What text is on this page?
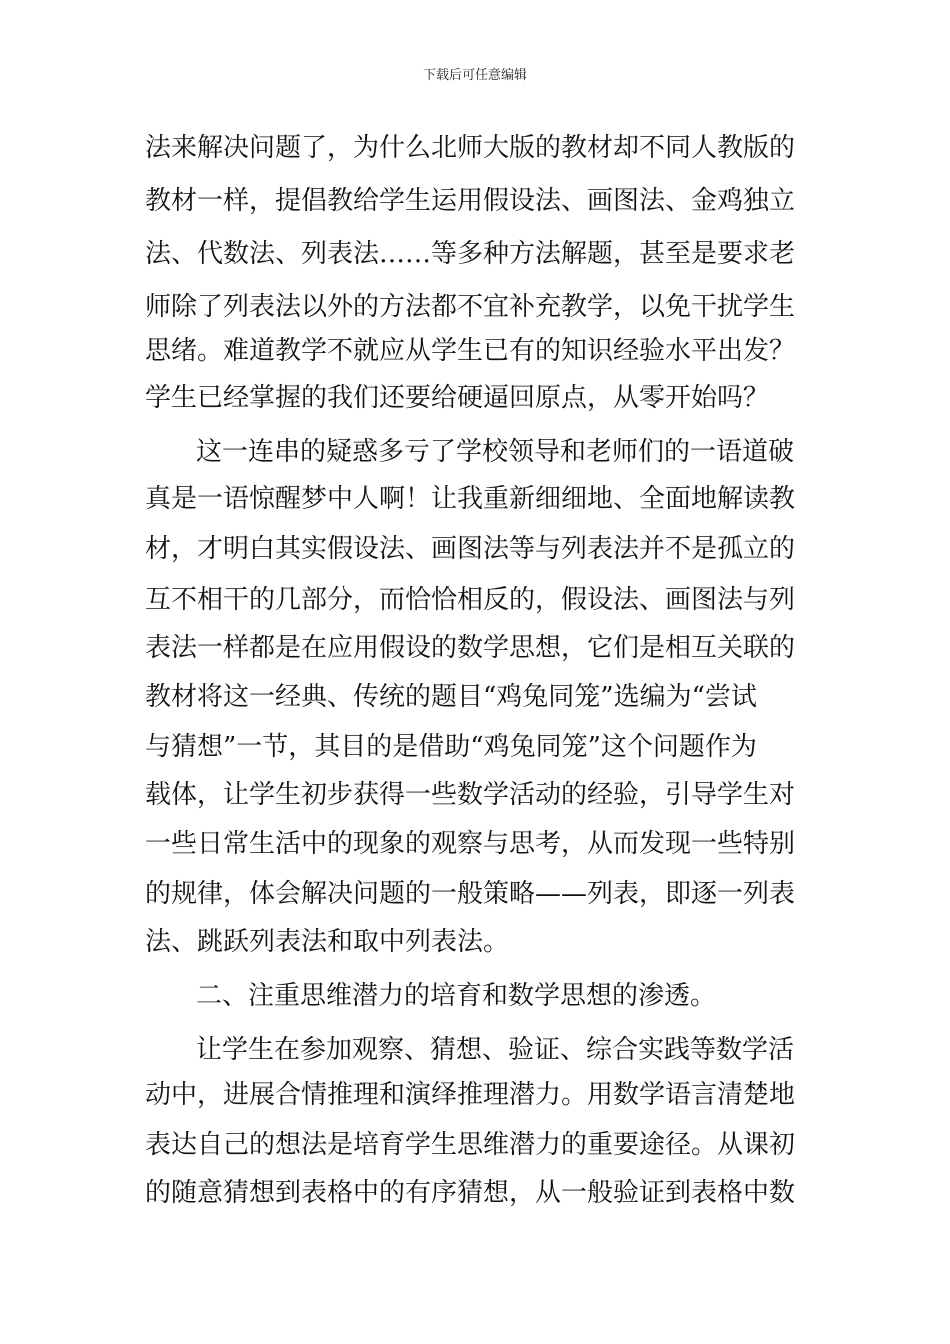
下载后可任意编辑
法来解决问题了，为什么北师大版的教材却不同人教版的
教材一样，提倡教给学生运用假设法、画图法、金鸡独立
法、代数法、列表法……等多种方法解题，甚至是要求老
师除了列表法以外的方法都不宜补充教学，以免干扰学生
思绪。难道教学不就应从学生已有的知识经验水平出发？
学生已经掌握的我们还要给硬逼回原点，从零开始吗？
这一连串的疑惑多亏了学校领导和老师们的一语道破
真是一语惊醒梦中人啊！让我重新细细地、全面地解读教
材，才明白其实假设法、画图法等与列表法并不是孤立的
互不相干的几部分，而恰恰相反的，假设法、画图法与列
表法一样都是在应用假设的数学思想，它们是相互关联的
教材将这一经典、传统的题目“鸡兔同笼”选编为“尝试
与猜想”一节，其目的是借助“鸡兔同笼”这个问题作为
载体，让学生初步获得一些数学活动的经验，引导学生对
一些日常生活中的现象的观察与思考，从而发现一些特别
的规律，体会解决问题的一般策略——列表，即逐一列表
法、跳跃列表法和取中列表法。
二、注重思维潜力的培育和数学思想的渗透。
让学生在参加观察、猜想、验证、综合实践等数学活
动中，进展合情推理和演绎推理潜力。用数学语言清楚地
表达自己的想法是培育学生思维潜力的重要途径。从课初
的随意猜想到表格中的有序猜想，从一般验证到表格中数
